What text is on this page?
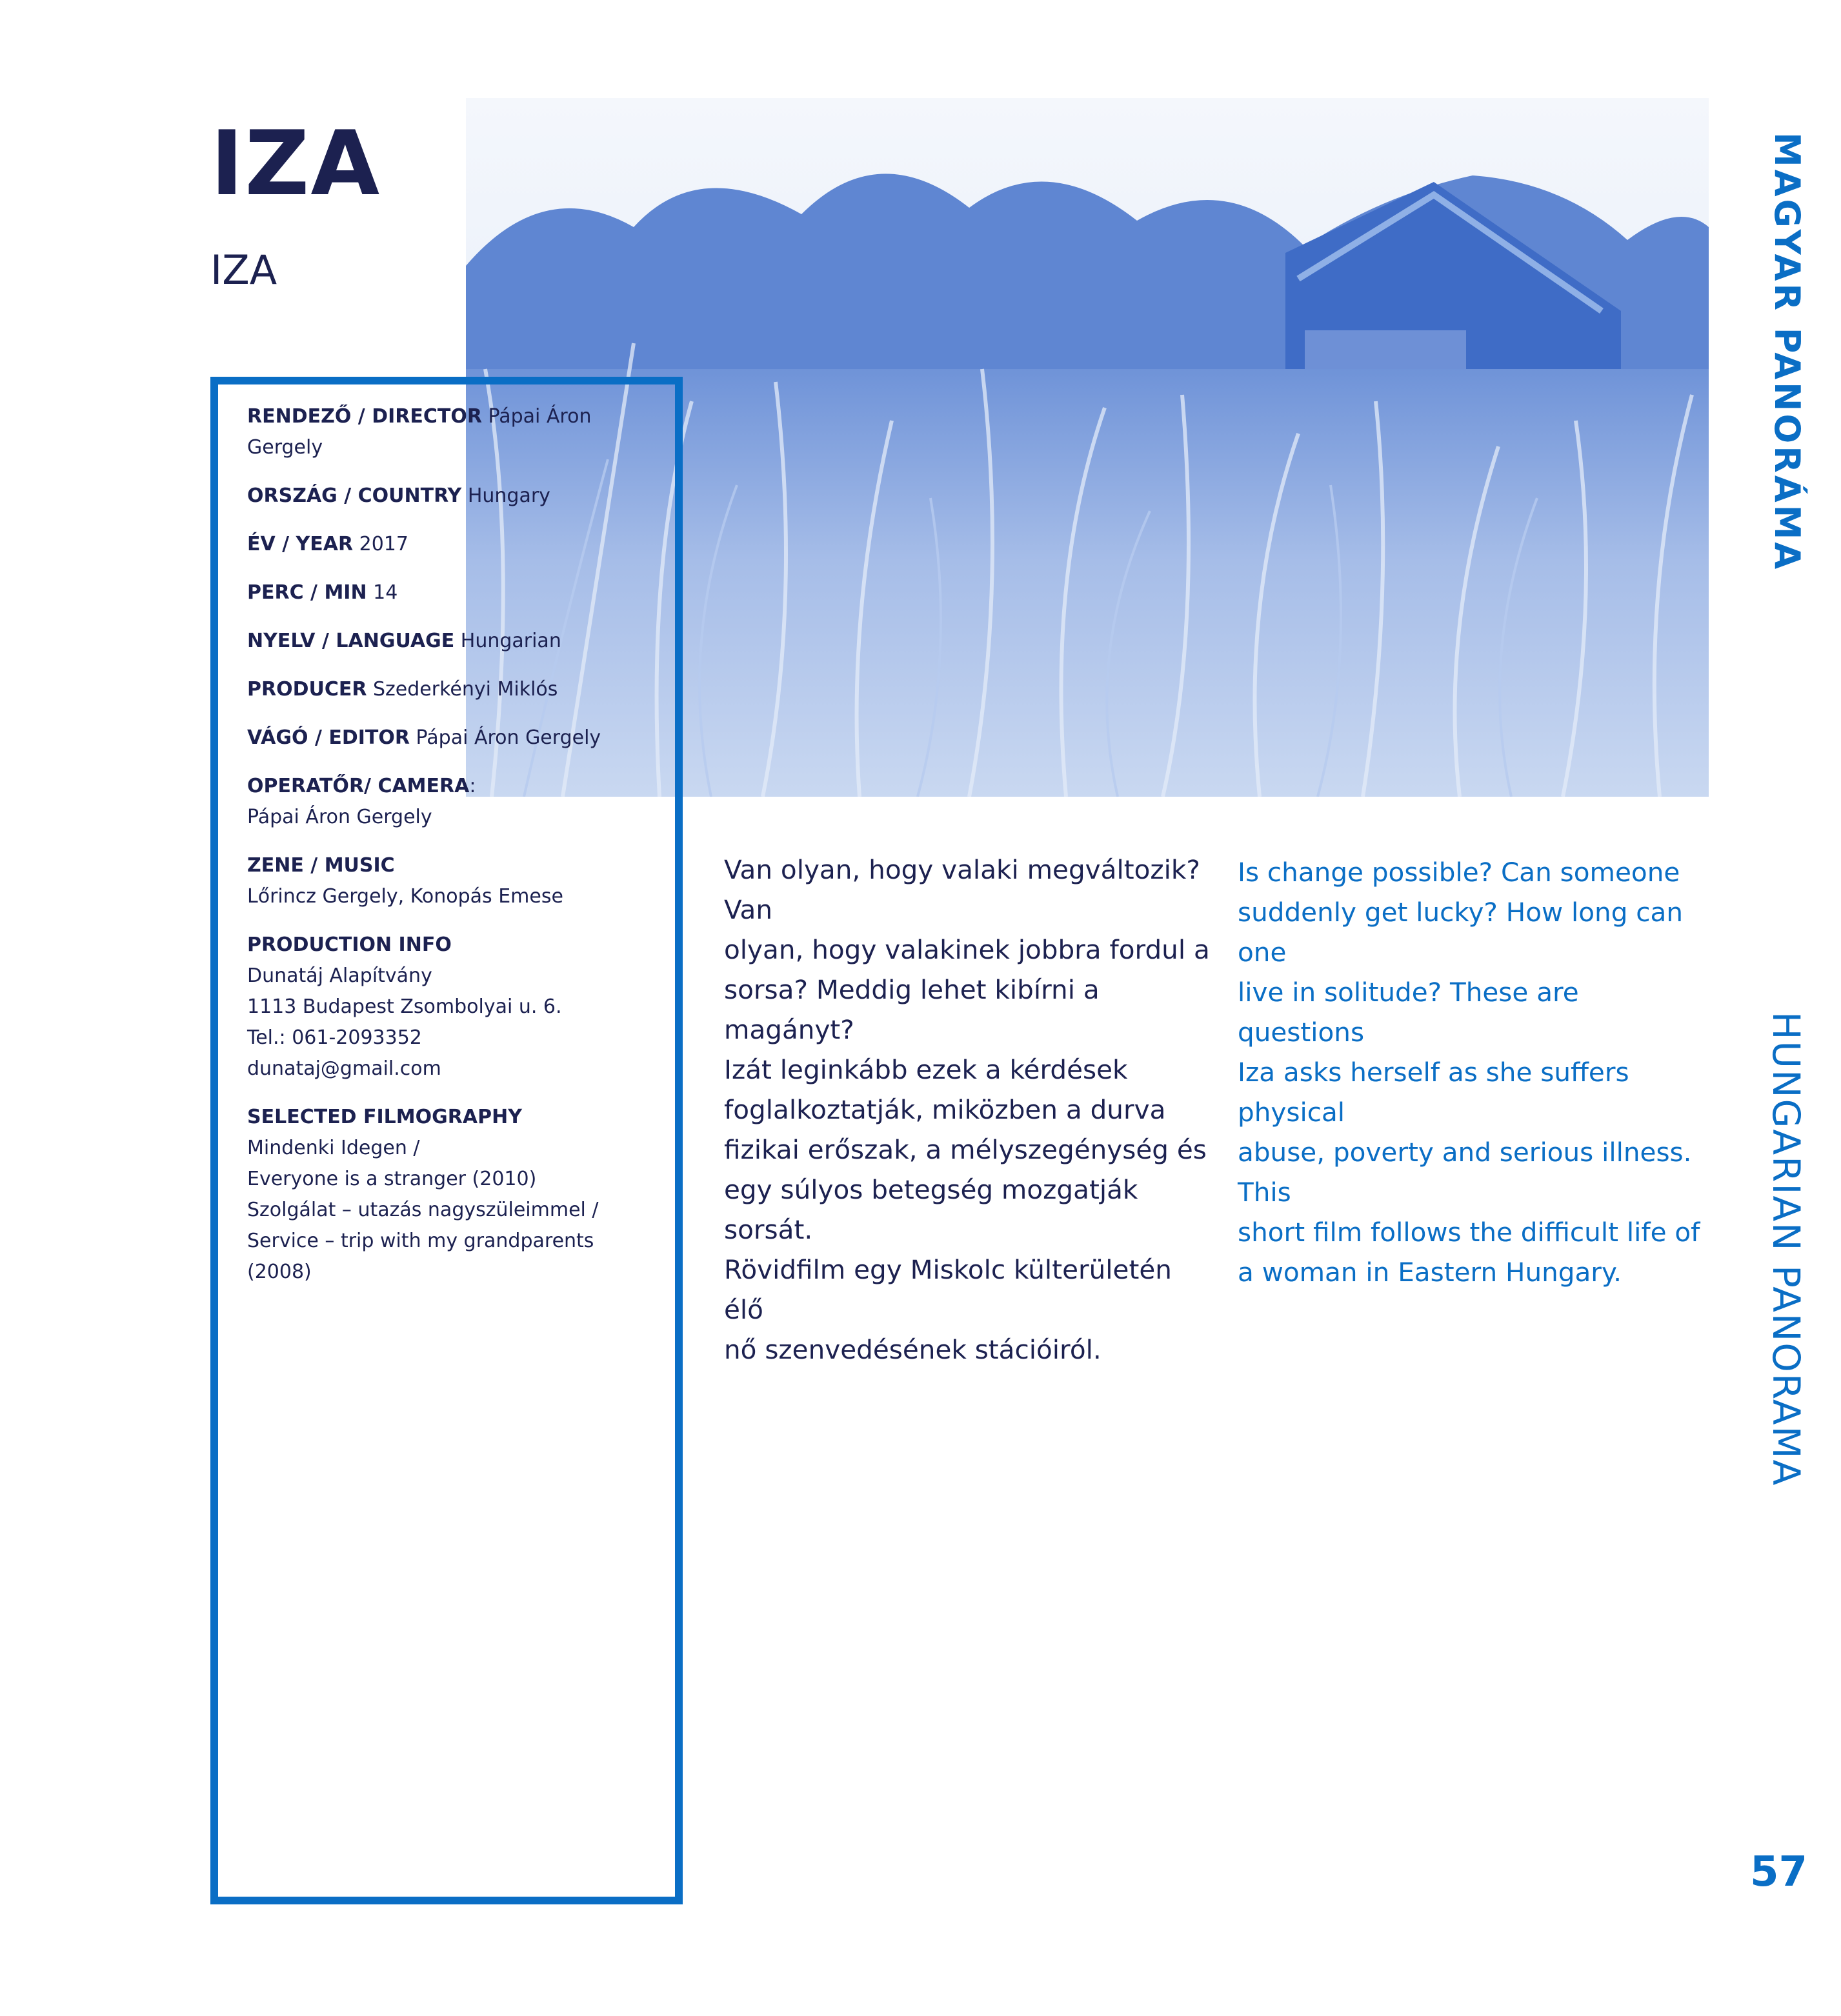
IZA
IZA
RENDEZŐ / DIRECTOR Pápai Áron Gergely
ORSZÁG / COUNTRY Hungary
ÉV / YEAR 2017
PERC / MIN 14
NYELV / LANGUAGE Hungarian
PRODUCER Szederkényi Miklós
VÁGÓ / EDITOR Pápai Áron Gergely
OPERATŐR/ CAMERA:
Pápai Áron Gergely
ZENE / MUSIC
Lőrincz Gergely, Konopás Emese
PRODUCTION INFO
Dunatáj Alapítvány
1113 Budapest Zsombolyai u. 6.
Tel.: 061-2093352
dunataj@gmail.com
SELECTED FILMOGRAPHY
Mindenki Idegen /
Everyone is a stranger (2010)
Szolgálat – utazás nagyszüleimmel /
Service – trip with my grandparents (2008)
Van olyan, hogy valaki megváltozik? Van
olyan, hogy valakinek jobbra fordul a
sorsa? Meddig lehet kibírni a magányt?
Izát leginkább ezek a kérdések
foglalkoztatják, miközben a durva
fizikai erőszak, a mélyszegénység és
egy súlyos betegség mozgatják sorsát.
Rövidfilm egy Miskolc külterületén élő
nő szenvedésének stációiról.
Is change possible? Can someone
suddenly get lucky? How long can one
live in solitude? These are questions
Iza asks herself as she suffers physical
abuse, poverty and serious illness. This
short film follows the difficult life of
a woman in Eastern Hungary.
MAGYAR PANORÁMA
HUNGARIAN PANORAMA
57
